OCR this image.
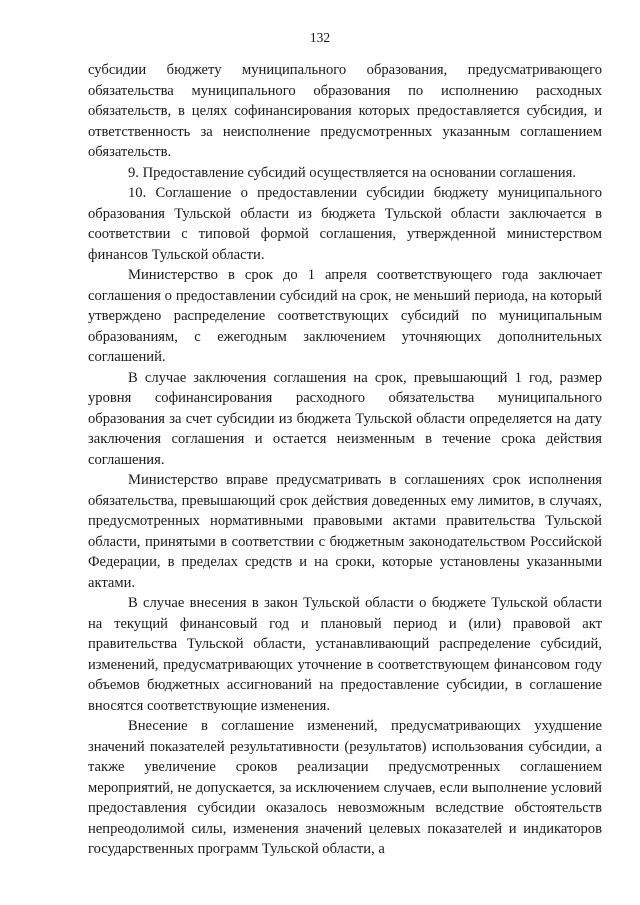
132

субсидии бюджету муниципального образования, предусматривающего обязательства муниципального образования по исполнению расходных обязательств, в целях софинансирования которых предоставляется субсидия, и ответственность за неисполнение предусмотренных указанным соглашением обязательств.

9. Предоставление субсидий осуществляется на основании соглашения.

10. Соглашение о предоставлении субсидии бюджету муниципального образования Тульской области из бюджета Тульской области заключается в соответствии с типовой формой соглашения, утвержденной министерством финансов Тульской области.

Министерство в срок до 1 апреля соответствующего года заключает соглашения о предоставлении субсидий на срок, не меньший периода, на который утверждено распределение соответствующих субсидий по муниципальным образованиям, с ежегодным заключением уточняющих дополнительных соглашений.

В случае заключения соглашения на срок, превышающий 1 год, размер уровня софинансирования расходного обязательства муниципального образования за счет субсидии из бюджета Тульской области определяется на дату заключения соглашения и остается неизменным в течение срока действия соглашения.

Министерство вправе предусматривать в соглашениях срок исполнения обязательства, превышающий срок действия доведенных ему лимитов, в случаях, предусмотренных нормативными правовыми актами правительства Тульской области, принятыми в соответствии с бюджетным законодательством Российской Федерации, в пределах средств и на сроки, которые установлены указанными актами.

В случае внесения в закон Тульской области о бюджете Тульской области на текущий финансовый год и плановый период и (или) правовой акт правительства Тульской области, устанавливающий распределение субсидий, изменений, предусматривающих уточнение в соответствующем финансовом году объемов бюджетных ассигнований на предоставление субсидии, в соглашение вносятся соответствующие изменения.

Внесение в соглашение изменений, предусматривающих ухудшение значений показателей результативности (результатов) использования субсидии, а также увеличение сроков реализации предусмотренных соглашением мероприятий, не допускается, за исключением случаев, если выполнение условий предоставления субсидии оказалось невозможным вследствие обстоятельств непреодолимой силы, изменения значений целевых показателей и индикаторов государственных программ Тульской области, а
